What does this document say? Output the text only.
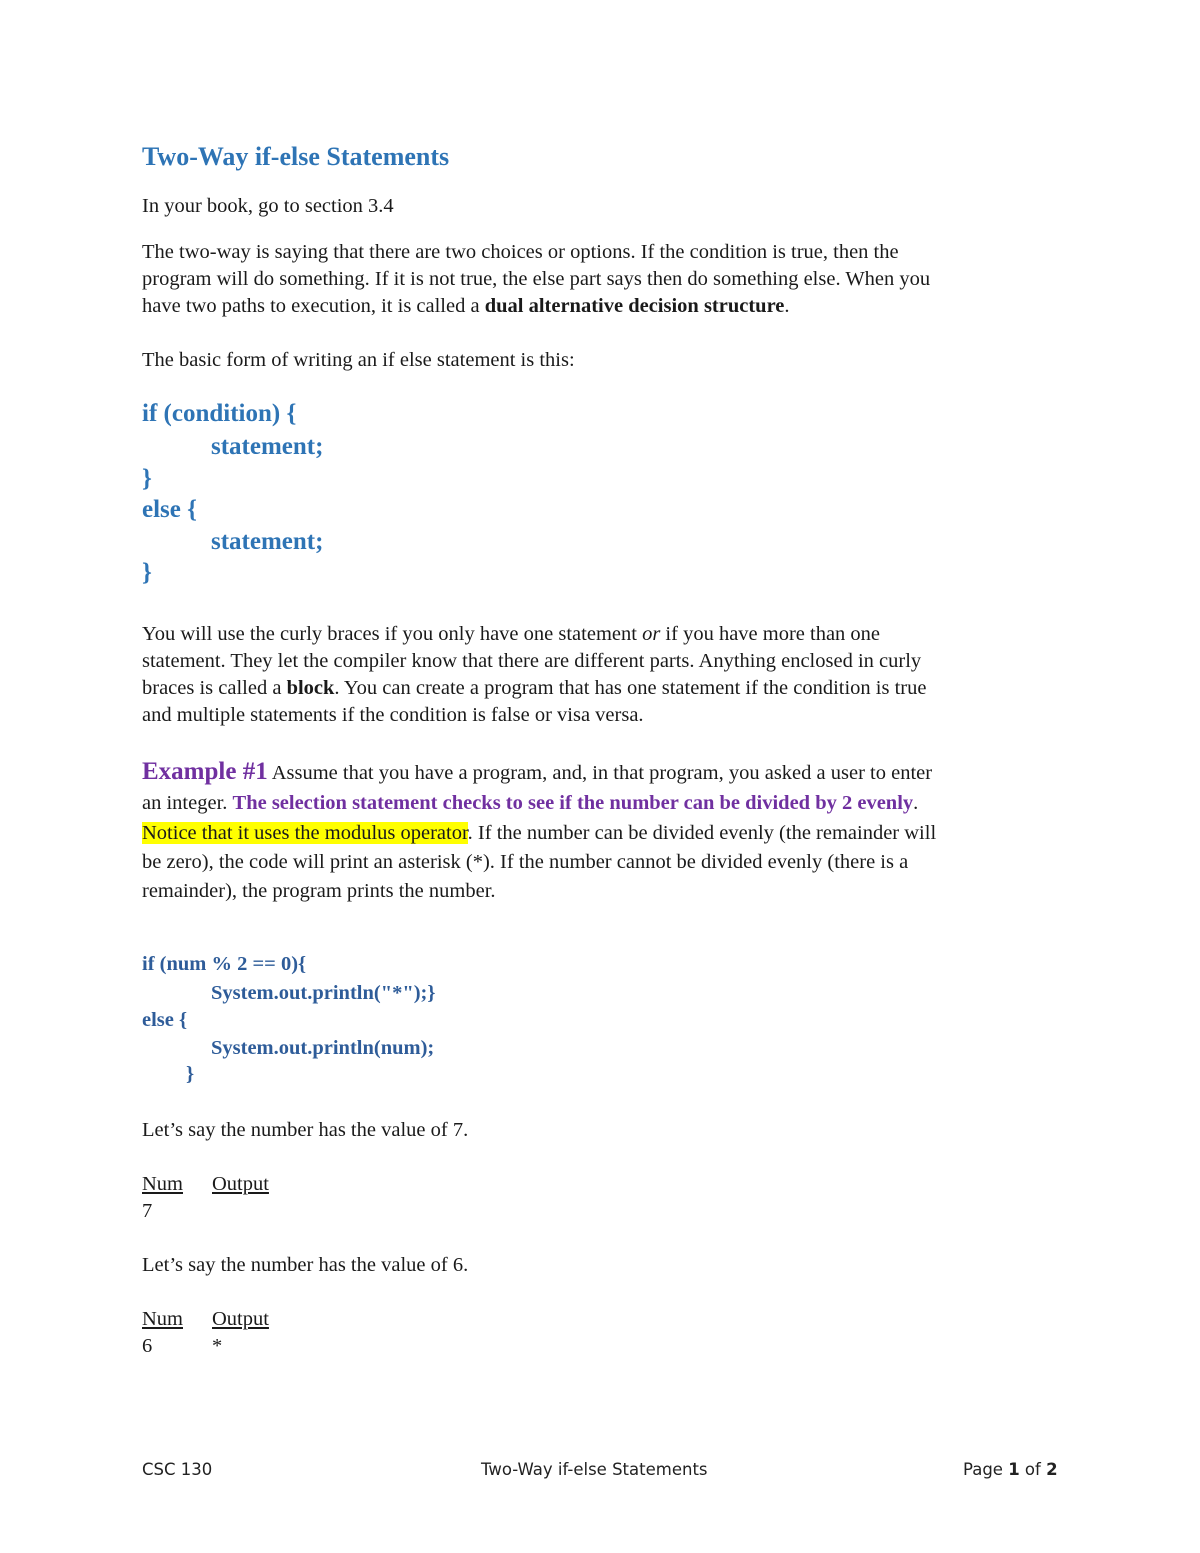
Two-Way if-else Statements
In your book, go to section 3.4
The two-way is saying that there are two choices or options. If the condition is true, then the
program will do something. If it is not true, the else part says then do something else. When you
have two paths to execution, it is called a dual alternative decision structure.
The basic form of writing an if else statement is this:
if (condition) {
statement;
}
else {
statement;
}
You will use the curly braces if you only have one statement or if you have more than one
statement. They let the compiler know that there are different parts. Anything enclosed in curly
braces is called a block. You can create a program that has one statement if the condition is true
and multiple statements if the condition is false or visa versa.
Example #1 Assume that you have a program, and, in that program, you asked a user to enter
an integer. The selection statement checks to see if the number can be divided by 2 evenly.
Notice that it uses the modulus operator. If the number can be divided evenly (the remainder will
be zero), the code will print an asterisk (*). If the number cannot be divided evenly (there is a
remainder), the program prints the number.
if (num % 2 == 0){
System.out.println("*");}
else {
System.out.println(num);
}
Let’s say the number has the value of 7.
Num Output
7
Let’s say the number has the value of 6.
Num Output
6	*
CSC 130	Two-Way if-else Statements	Page 1 of 2
